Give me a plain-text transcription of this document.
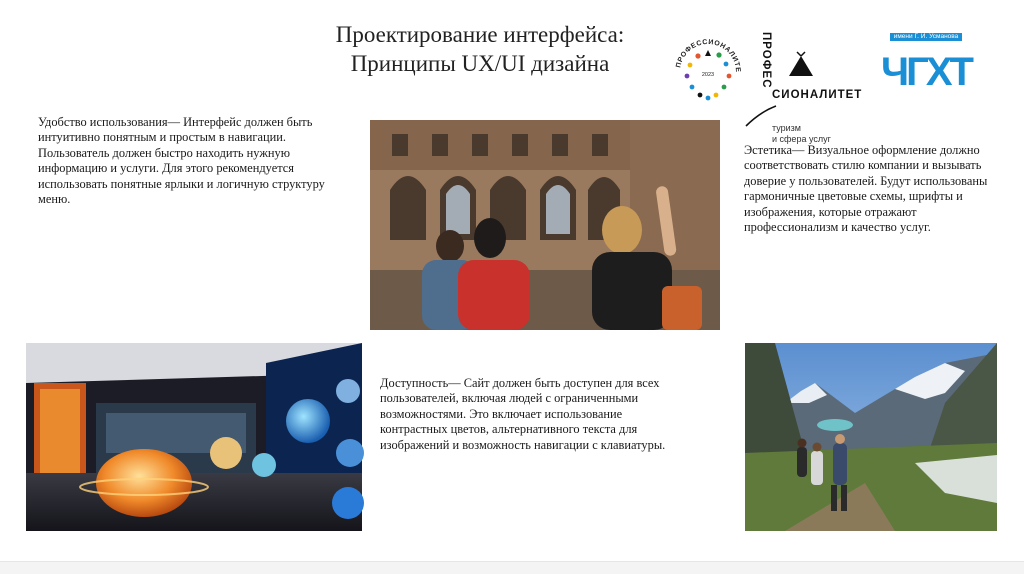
Проектирование интерфейса:
Принципы UX/UI дизайна	ПРОФЕССИОНАЛИТЕ
2023	ПРОФЕС
СИОНАЛИТЕТ
туризм
и сфера услуг
имени Г. И. Усманова
ЧГХТ
Удобство использования— Интерфейс должен быть интуитивно понятным и простым в навигации. Пользователь должен быстро находить нужную информацию и услуги. Для этого рекомендуется использовать понятные ярлыки и логичную структуру меню.
Эстетика— Визуальное оформление должно соответствовать стилю компании и вызывать доверие у пользователей. Будут использованы гармоничные цветовые схемы, шрифты и изображения, которые отражают профессионализм и качество услуг.
Доступность— Сайт должен быть доступен для всех пользователей, включая людей с ограниченными возможностями. Это включает использование контрастных цветов, альтернативного текста для изображений и возможность навигации с клавиатуры.
